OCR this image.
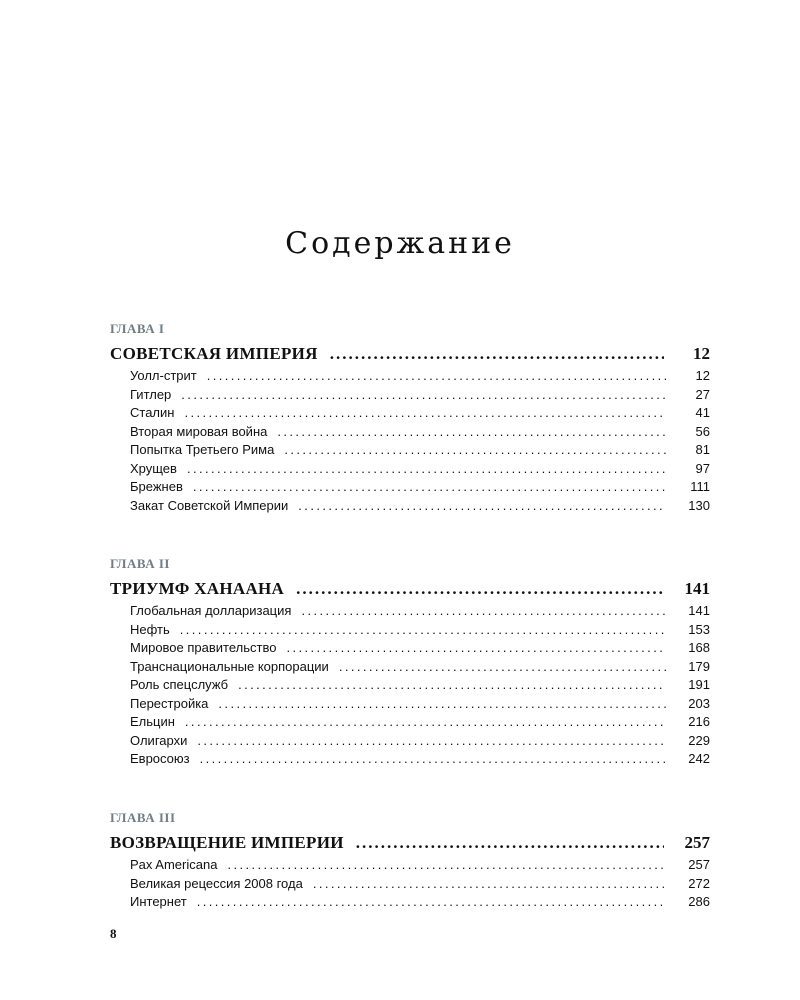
Содержание
ГЛАВА I
СОВЕТСКАЯ ИМПЕРИЯ .....	12
Уолл-стрит .....	12
Гитлер .....	27
Сталин .....	41
Вторая мировая война .....	56
Попытка Третьего Рима .....	81
Хрущев .....	97
Брежнев .....	111
Закат Советской Империи .....	130
ГЛАВА II
ТРИУМФ ХАНААНА .....	141
Глобальная долларизация .....	141
Нефть .....	153
Мировое правительство .....	168
Транснациональные корпорации .....	179
Роль спецслужб .....	191
Перестройка .....	203
Ельцин .....	216
Олигархи .....	229
Евросоюз .....	242
ГЛАВА III
ВОЗВРАЩЕНИЕ ИМПЕРИИ .....	257
Pax Americana .....	257
Великая рецессия 2008 года .....	272
Интернет .....	286
8
